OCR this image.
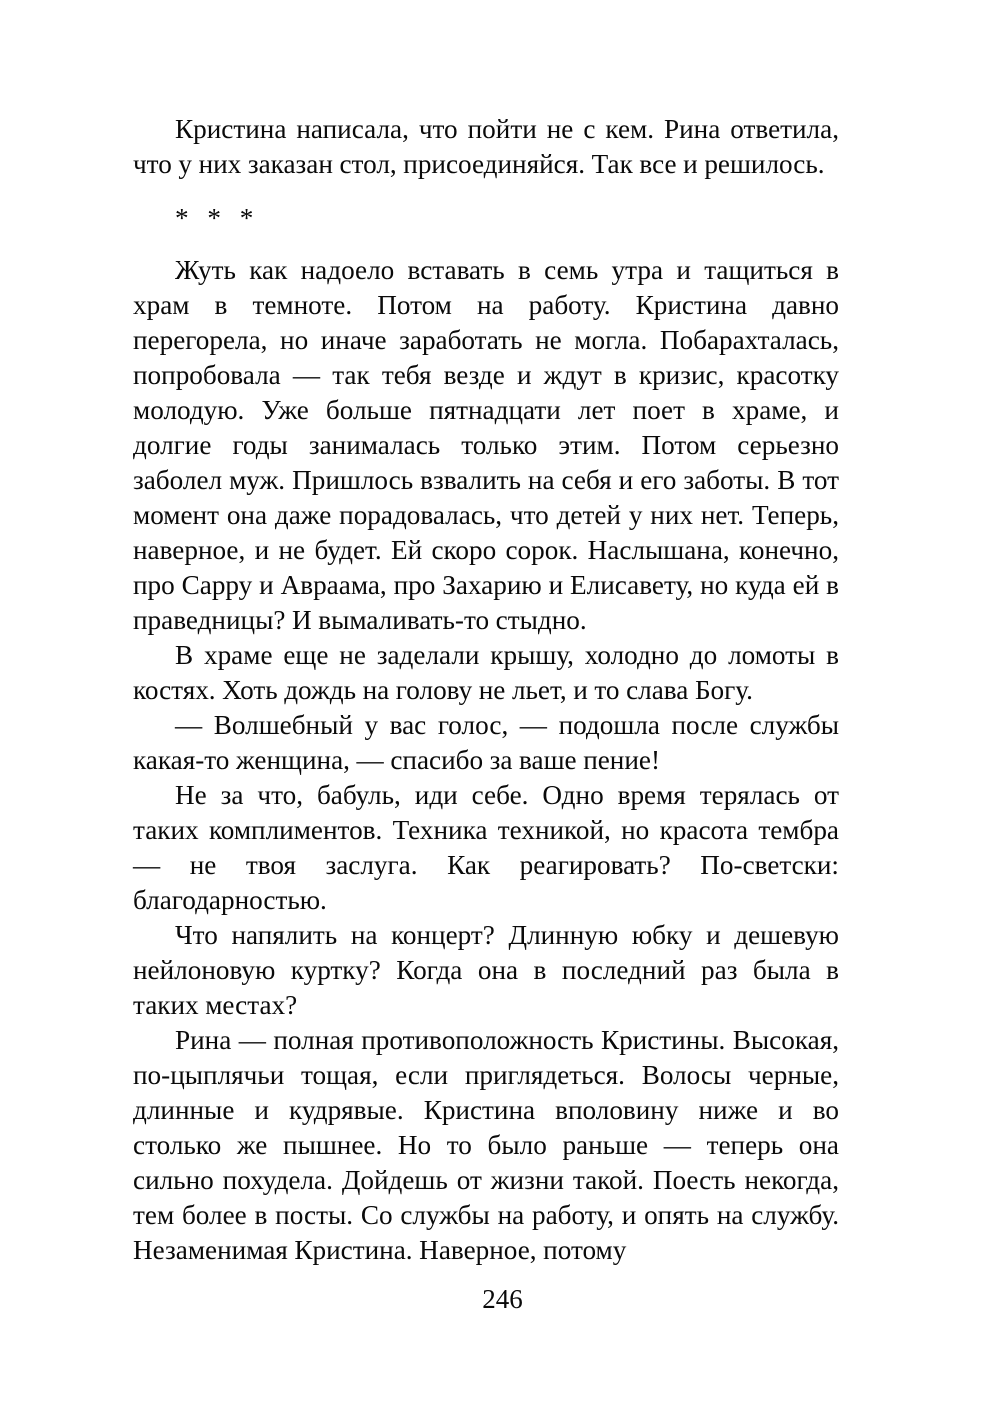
Кристина написала, что пойти не с кем. Рина ответила, что у них заказан стол, присоединяйся. Так все и решилось.

* * *

Жуть как надоело вставать в семь утра и тащиться в храм в темноте. Потом на работу. Кристина давно перегорела, но иначе заработать не могла. Побарахталась, попробовала — так тебя везде и ждут в кризис, красотку молодую. Уже больше пятнадцати лет поет в храме, и долгие годы занималась только этим. Потом серьезно заболел муж. Пришлось взвалить на себя и его заботы. В тот момент она даже порадовалась, что детей у них нет. Теперь, наверное, и не будет. Ей скоро сорок. Наслышана, конечно, про Сарру и Авраама, про Захарию и Елисавету, но куда ей в праведницы? И вымаливать-то стыдно.

В храме еще не заделали крышу, холодно до ломоты в костях. Хоть дождь на голову не льет, и то слава Богу.

— Волшебный у вас голос, — подошла после службы какая-то женщина, — спасибо за ваше пение!

Не за что, бабуль, иди себе. Одно время терялась от таких комплиментов. Техника техникой, но красота тембра — не твоя заслуга. Как реагировать? По-светски: благодарностью.

Что напялить на концерт? Длинную юбку и дешевую нейлоновую куртку? Когда она в последний раз была в таких местах?

Рина — полная противоположность Кристины. Высокая, по-цыплячьи тощая, если приглядеться. Волосы черные, длинные и кудрявые. Кристина вполовину ниже и во столько же пышнее. Но то было раньше — теперь она сильно похудела. Дойдешь от жизни такой. Поесть некогда, тем более в посты. Со службы на работу, и опять на службу. Незаменимая Кристина. Наверное, потому

246
